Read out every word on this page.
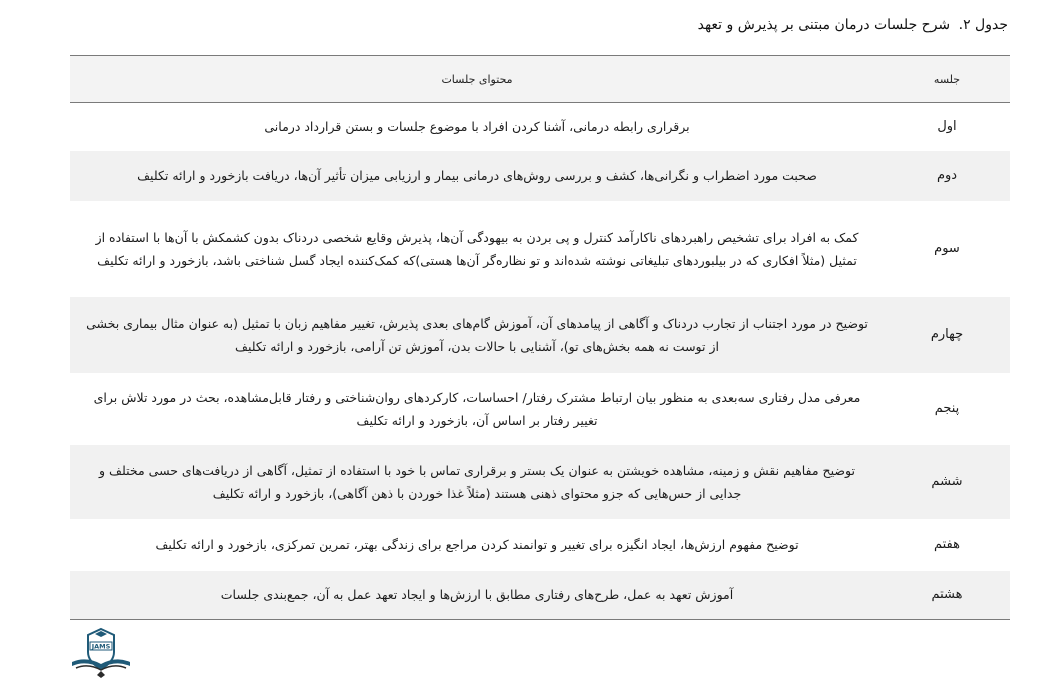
جدول ۲. شرح جلسات درمان مبتنی بر پذیرش و تعهد
جلسه	محتوای جلسات
اول	برقراری رابطه درمانی، آشنا کردن افراد با موضوع جلسات و بستن قرارداد درمانی
دوم	صحبت مورد اضطراب و نگرانی‌ها، کشف و بررسی روش‌های درمانی بیمار و ارزیابی میزان تأثیر آن‌ها، دریافت بازخورد و ارائه تکلیف
سوم	کمک به افراد برای تشخیص راهبردهای ناکارآمد کنترل و پی بردن به بیهودگی آن‌ها، پذیرش وقایع شخصی دردناک بدون کشمکش با آن‌ها با استفاده از تمثیل (مثلاً افکاری که در بیلبوردهای تبلیغاتی نوشته شده‌اند و تو نظاره‌گر آن‌ها هستی)که کمک‌کننده ایجاد گسل شناختی باشد، بازخورد و ارائه تکلیف
چهارم	توضیح در مورد اجتناب از تجارب دردناک و آگاهی از پیامدهای آن، آموزش گام‌های بعدی پذیرش، تغییر مفاهیم زبان با تمثیل (به عنوان مثال بیماری بخشی از توست نه همه بخش‌های تو)، آشنایی با حالات بدن، آموزش تن آرامی، بازخورد و ارائه تکلیف
پنجم	معرفی مدل رفتاری سه‌بعدی به منظور بیان ارتباط مشترک رفتار/ احساسات، کارکردهای روان‌شناختی و رفتار قابل‌مشاهده، بحث در مورد تلاش برای تغییر رفتار بر اساس آن، بازخورد و ارائه تکلیف
ششم	توضیح مفاهیم نقش و زمینه، مشاهده خویشتن به عنوان یک بستر و برقراری تماس با خود با استفاده از تمثیل، آگاهی از دریافت‌های حسی مختلف و جدایی از حس‌هایی که جزو محتوای ذهنی هستند (مثلاً غذا خوردن با ذهن آگاهی)، بازخورد و ارائه تکلیف
هفتم	توضیح مفهوم ارزش‌ها، ایجاد انگیزه برای تغییر و توانمند کردن مراجع برای زندگی بهتر، تمرین تمرکزی، بازخورد و ارائه تکلیف
هشتم	آموزش تعهد به عمل، طرح‌های رفتاری مطابق با ارزش‌ها و ایجاد تعهد عمل به آن، جمع‌بندی جلسات
JAMS
